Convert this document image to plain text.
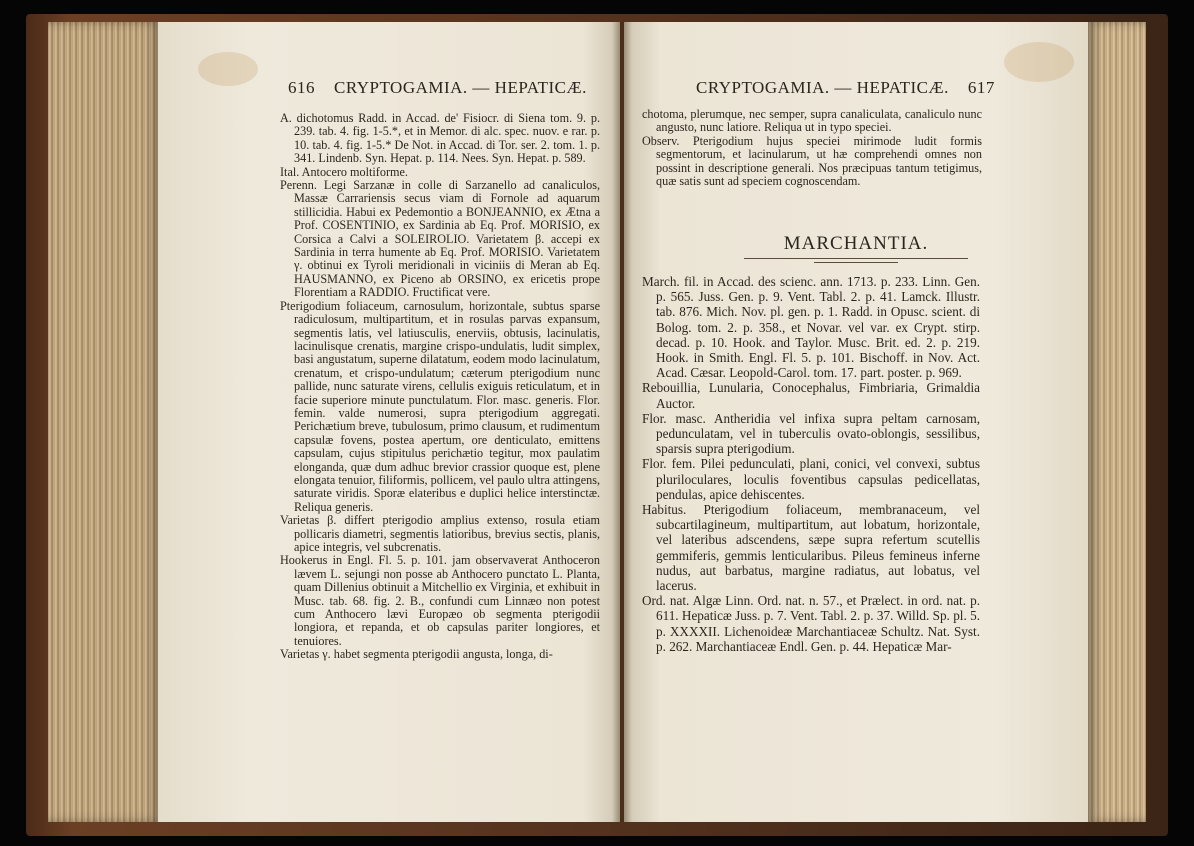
616 CRYPTOGAMIA. — HEPATICÆ.

A. dichotomus Radd. in Accad. de' Fisiocr. di Siena tom. 9. p. 239. tab. 4. fig. 1-5.*, et in Memor. di alc. spec. nuov. e rar. p. 10. tab. 4. fig. 1-5.* De Not. in Accad. di Tor. ser. 2. tom. 1. p. 341. Lindenb. Syn. Hepat. p. 114. Nees. Syn. Hepat. p. 589.

Ital. Antocero moltiforme.

Perenn. Legi Sarzanæ in colle di Sarzanello ad canaliculos, Massæ Carrariensis secus viam di Fornole ad aquarum stillicidia. Habui ex Pedemontio a BONJEANNIO, ex Ætna a Prof. COSENTINIO, ex Sardinia ab Eq. Prof. MORISIO, ex Corsica a Calvi a SOLEIROLIO. Varietatem β. accepi ex Sardinia in terra humente ab Eq. Prof. MORISIO. Varietatem γ. obtinui ex Tyroli meridionali in viciniis di Meran ab Eq. HAUSMANNO, ex Piceno ab ORSINO, ex ericetis prope Florentiam a RADDIO. Fructificat vere.

Pterigodium foliaceum, carnosulum, horizontale, subtus sparse radiculosum, multipartitum, et in rosulas parvas expansum, segmentis latis, vel latiusculis, enerviis, obtusis, lacinulatis, lacinulisque crenatis, margine crispo-undulatis, ludit simplex, basi angustatum, superne dilatatum, eodem modo lacinulatum, crenatum, et crispo-undulatum; cæterum pterigodium nunc pallide, nunc saturate virens, cellulis exiguis reticulatum, et in facie superiore minute punctulatum. Flor. masc. generis. Flor. femin. valde numerosi, supra pterigodium aggregati. Perichætium breve, tubulosum, primo clausum, et rudimentum capsulæ fovens, postea apertum, ore denticulato, emittens capsulam, cujus stipitulus perichætio tegitur, mox paulatim elonganda, quæ dum adhuc brevior crassior quoque est, plene elongata tenuior, filiformis, pollicem, vel paulo ultra attingens, saturate viridis. Sporæ elateribus e duplici helice interstinctæ. Reliqua generis.

Varietas β. differt pterigodio amplius extenso, rosula etiam pollicaris diametri, segmentis latioribus, brevius sectis, planis, apice integris, vel subcrenatis.

Hookerus in Engl. Fl. 5. p. 101. jam observaverat Anthoceron lævem L. sejungi non posse ab Anthocero punctato L. Planta, quam Dillenius obtinuit a Mitchellio ex Virginia, et exhibuit in Musc. tab. 68. fig. 2. B., confundi cum Linnæo non potest cum Anthocero lævi Europæo ob segmenta pterigodii longiora, et repanda, et ob capsulas pariter longiores, et tenuiores.

Varietas γ. habet segmenta pterigodii angusta, longa, di-

CRYPTOGAMIA. — HEPATICÆ. 617

chotoma, plerumque, nec semper, supra canaliculata, canaliculo nunc angusto, nunc latiore. Reliqua ut in typo speciei.

Observ. Pterigodium hujus speciei mirimode ludit formis segmentorum, et lacinularum, ut hæ comprehendi omnes non possint in descriptione generali. Nos præcipuas tantum tetigimus, quæ satis sunt ad speciem cognoscendam.

MARCHANTIA.

March. fil. in Accad. des scienc. ann. 1713. p. 233. Linn. Gen. p. 565. Juss. Gen. p. 9. Vent. Tabl. 2. p. 41. Lamck. Illustr. tab. 876. Mich. Nov. pl. gen. p. 1. Radd. in Opusc. scient. di Bolog. tom. 2. p. 358., et Novar. vel var. ex Crypt. stirp. decad. p. 10. Hook. and Taylor. Musc. Brit. ed. 2. p. 219. Hook. in Smith. Engl. Fl. 5. p. 101. Bischoff. in Nov. Act. Acad. Cæsar. Leopold-Carol. tom. 17. part. poster. p. 969.

Rebouillia, Lunularia, Conocephalus, Fimbriaria, Grimaldia Auctor.

Flor. masc. Antheridia vel infixa supra peltam carnosam, pedunculatam, vel in tuberculis ovato-oblongis, sessilibus, sparsis supra pterigodium.

Flor. fem. Pilei pedunculati, plani, conici, vel convexi, subtus pluriloculares, loculis foventibus capsulas pedicellatas, pendulas, apice dehiscentes.

Habitus. Pterigodium foliaceum, membranaceum, vel subcartilagineum, multipartitum, aut lobatum, horizontale, vel lateribus adscendens, sæpe supra refertum scutellis gemmiferis, gemmis lenticularibus. Pileus femineus inferne nudus, aut barbatus, margine radiatus, aut lobatus, vel lacerus.

Ord. nat. Algæ Linn. Ord. nat. n. 57., et Prælect. in ord. nat. p. 611. Hepaticæ Juss. p. 7. Vent. Tabl. 2. p. 37. Willd. Sp. pl. 5. p. XXXXII. Lichenoideæ Marchantiaceæ Schultz. Nat. Syst. p. 262. Marchantiaceæ Endl. Gen. p. 44. Hepaticæ Mar-
